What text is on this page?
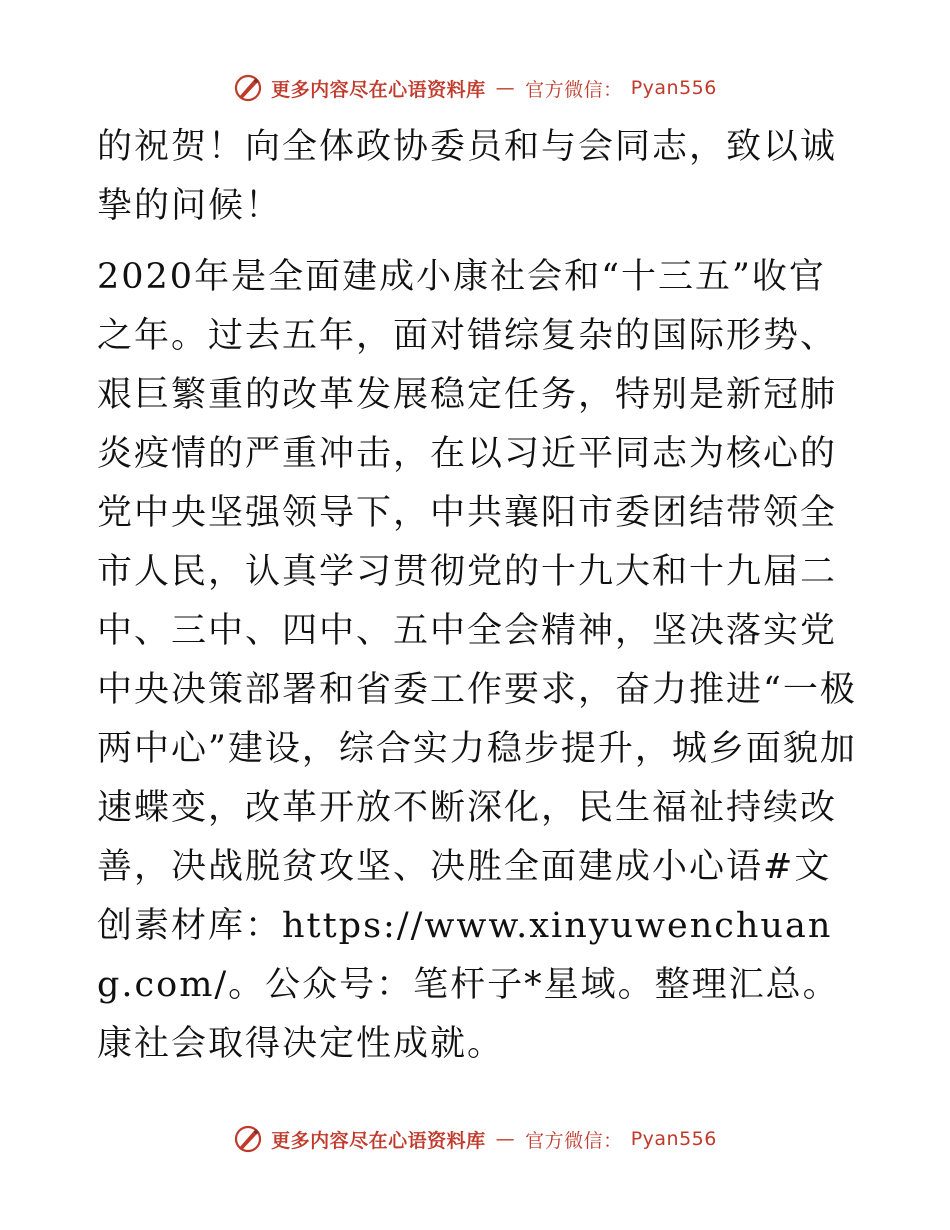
更多内容尽在心语资料库 — 官方微信： Pyan556

的祝贺！向全体政协委员和与会同志，致以诚挚的问候！

2020年是全面建成小康社会和“十三五”收官之年。过去五年，面对错综复杂的国际形势、艰巨繁重的改革发展稳定任务，特别是新冠肺炎疫情的严重冲击，在以习近平同志为核心的党中央坚强领导下，中共襄阳市委团结带领全市人民，认真学习贯彻党的十九大和十九届二中、三中、四中、五中全会精神，坚决落实党中央决策部署和省委工作要求，奋力推进“一极两中心”建设，综合实力稳步提升，城乡面貌加速蝶变，改革开放不断深化，民生福祉持续改善，决战脱贫攻坚、决胜全面建成小心语#文创素材库：https://www.xinyuwenchuang.com/。公众号：笔杆子*星域。整理汇总。康社会取得决定性成就。

更多内容尽在心语资料库 — 官方微信： Pyan556
